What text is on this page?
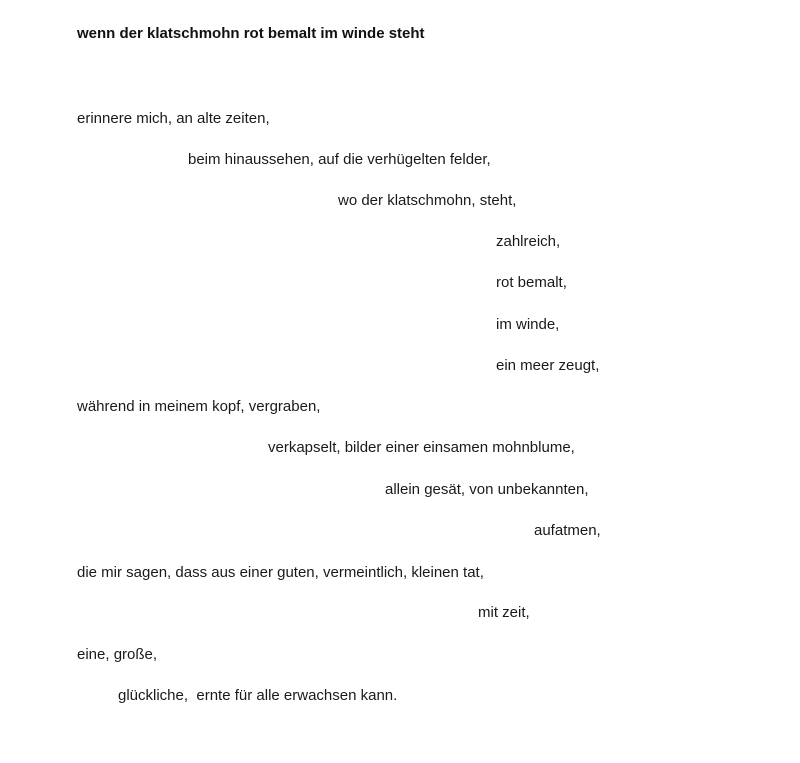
wenn der klatschmohn rot bemalt im winde steht
erinnere mich, an alte zeiten,
beim hinaussehen, auf die verhügelten felder,
wo der klatschmohn, steht,
zahlreich,
rot bemalt,
im winde,
ein meer zeugt,
während in meinem kopf, vergraben,
verkapselt, bilder einer einsamen mohnblume,
allein gesät, von unbekannten,
aufatmen,
die mir sagen, dass aus einer guten, vermeintlich, kleinen tat,
mit zeit,
eine, große,
glückliche,  ernte für alle erwachsen kann.
